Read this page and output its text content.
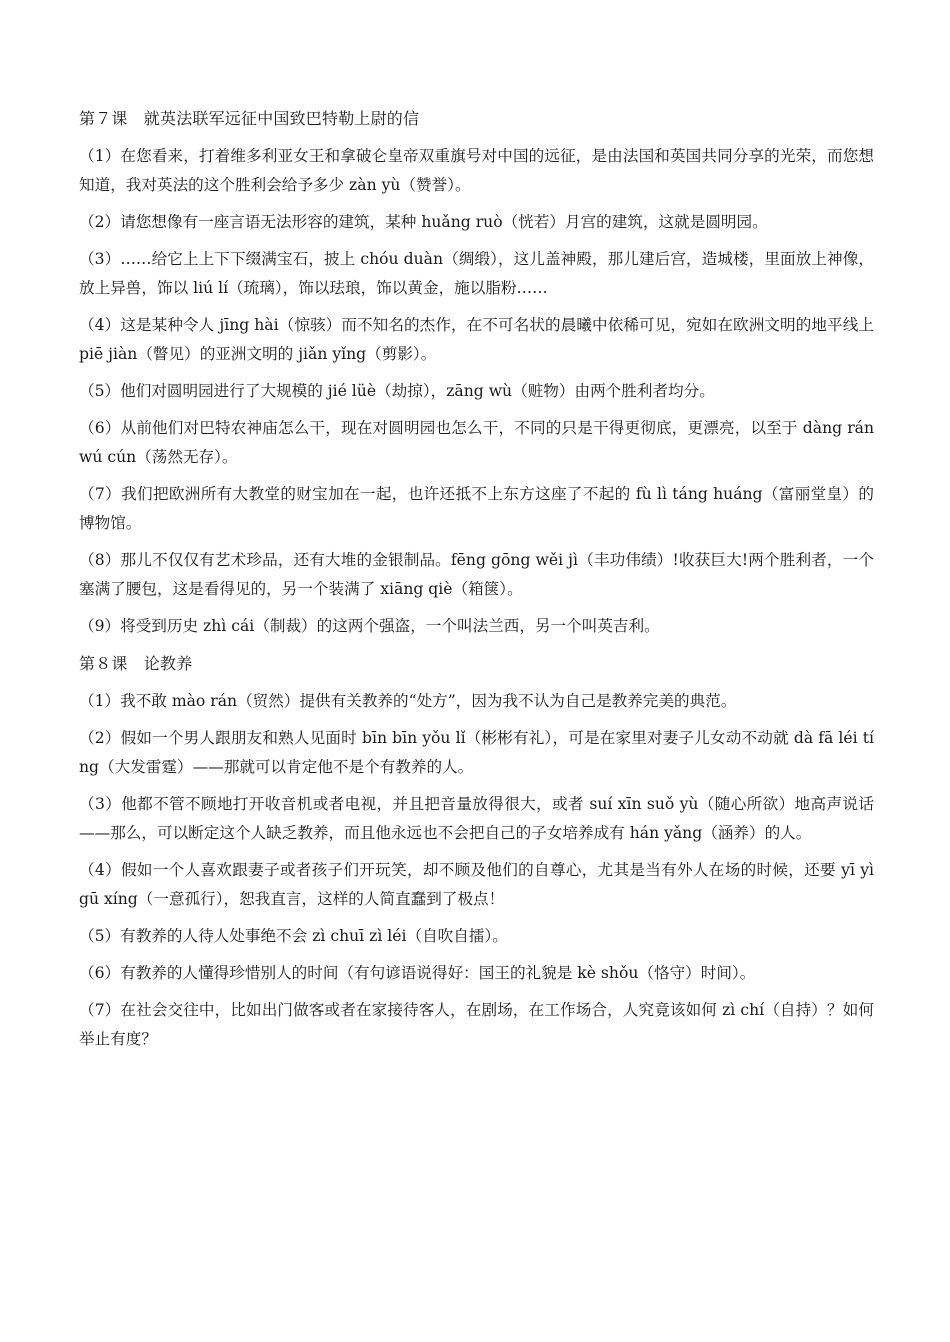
第７课　就英法联军远征中国致巴特勒上尉的信

（1）在您看来，打着维多利亚女王和拿破仑皇帝双重旗号对中国的远征，是由法国和英国共同分享的光荣，而您想知道，我对英法的这个胜利会给予多少 zàn yù（赞誉）。

（2）请您想像有一座言语无法形容的建筑，某种 huǎng ruò（恍若）月宫的建筑，这就是圆明园。

（3）……给它上上下下缀满宝石，披上 chóu duàn（绸缎），这儿盖神殿，那儿建后宫，造城楼，里面放上神像，放上异兽，饰以 liú lí（琉璃），饰以珐琅，饰以黄金，施以脂粉……

（4）这是某种令人 jīng hài（惊骇）而不知名的杰作，在不可名状的晨曦中依稀可见，宛如在欧洲文明的地平线上 piē jiàn（瞥见）的亚洲文明的 jiǎn yǐng（剪影）。

（5）他们对圆明园进行了大规模的 jié lüè（劫掠），zāng wù（赃物）由两个胜利者均分。

（6）从前他们对巴特农神庙怎么干，现在对圆明园也怎么干，不同的只是干得更彻底，更漂亮，以至于 dàng rán wú cún（荡然无存）。

（7）我们把欧洲所有大教堂的财宝加在一起，也许还抵不上东方这座了不起的 fù lì táng huáng（富丽堂皇）的博物馆。

（8）那儿不仅仅有艺术珍品，还有大堆的金银制品。fēng gōng wěi jì（丰功伟绩）!收获巨大!两个胜利者，一个塞满了腰包，这是看得见的，另一个装满了 xiāng qiè（箱箧）。

（9）将受到历史 zhì cái（制裁）的这两个强盗，一个叫法兰西，另一个叫英吉利。

第８课　论教养

（1）我不敢 mào rán（贸然）提供有关教养的“处方”，因为我不认为自己是教养完美的典范。

（2）假如一个男人跟朋友和熟人见面时 bīn bīn yǒu lǐ（彬彬有礼），可是在家里对妻子儿女动不动就 dà fā léi tíng（大发雷霆）——那就可以肯定他不是个有教养的人。

（3）他都不管不顾地打开收音机或者电视，并且把音量放得很大，或者 suí xīn suǒ yù（随心所欲）地高声说话——那么，可以断定这个人缺乏教养，而且他永远也不会把自己的子女培养成有 hán yǎng（涵养）的人。

（4）假如一个人喜欢跟妻子或者孩子们开玩笑，却不顾及他们的自尊心，尤其是当有外人在场的时候，还要 yī yì gū xíng（一意孤行），恕我直言，这样的人简直蠢到了极点！

（5）有教养的人待人处事绝不会 zì chuī zì léi（自吹自擂）。

（6）有教养的人懂得珍惜别人的时间（有句谚语说得好：国王的礼貌是 kè shǒu（恪守）时间）。

（7）在社会交往中，比如出门做客或者在家接待客人，在剧场，在工作场合，人究竟该如何 zì chí（自持）？如何举止有度？
